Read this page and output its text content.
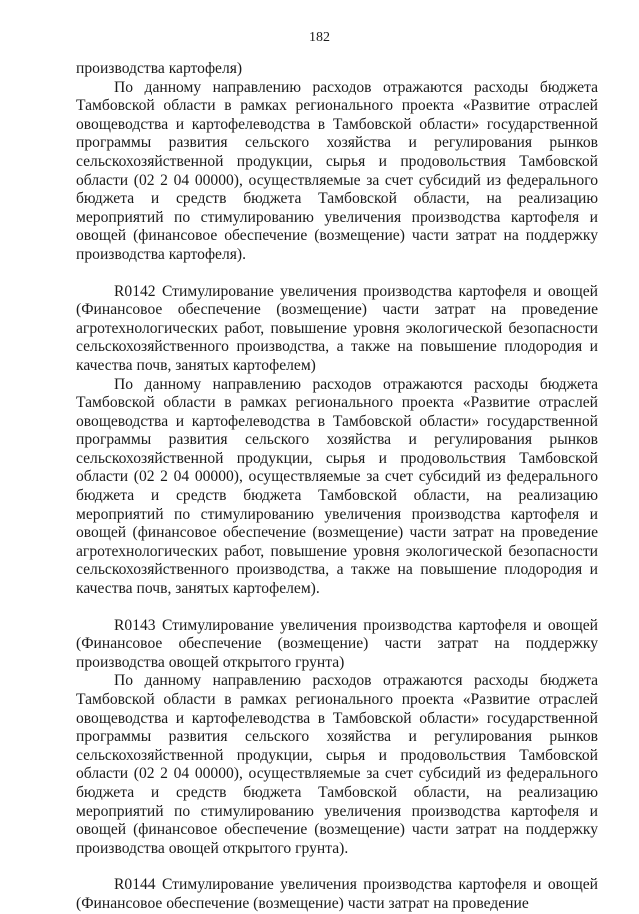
182

производства картофеля)

По данному направлению расходов отражаются расходы бюджета Тамбовской области в рамках регионального проекта «Развитие отраслей овощеводства и картофелеводства в Тамбовской области» государственной программы развития сельского хозяйства и регулирования рынков сельскохозяйственной продукции, сырья и продовольствия Тамбовской области (02 2 04 00000), осуществляемые за счет субсидий из федерального бюджета и средств бюджета Тамбовской области, на реализацию мероприятий по стимулированию увеличения производства картофеля и овощей (финансовое обеспечение (возмещение) части затрат на поддержку производства картофеля).

R0142 Стимулирование увеличения производства картофеля и овощей (Финансовое обеспечение (возмещение) части затрат на проведение агротехнологических работ, повышение уровня экологической безопасности сельскохозяйственного производства, а также на повышение плодородия и качества почв, занятых картофелем)

По данному направлению расходов отражаются расходы бюджета Тамбовской области в рамках регионального проекта «Развитие отраслей овощеводства и картофелеводства в Тамбовской области» государственной программы развития сельского хозяйства и регулирования рынков сельскохозяйственной продукции, сырья и продовольствия Тамбовской области (02 2 04 00000), осуществляемые за счет субсидий из федерального бюджета и средств бюджета Тамбовской области, на реализацию мероприятий по стимулированию увеличения производства картофеля и овощей (финансовое обеспечение (возмещение) части затрат на проведение агротехнологических работ, повышение уровня экологической безопасности сельскохозяйственного производства, а также на повышение плодородия и качества почв, занятых картофелем).

R0143 Стимулирование увеличения производства картофеля и овощей (Финансовое обеспечение (возмещение) части затрат на поддержку производства овощей открытого грунта)

По данному направлению расходов отражаются расходы бюджета Тамбовской области в рамках регионального проекта «Развитие отраслей овощеводства и картофелеводства в Тамбовской области» государственной программы развития сельского хозяйства и регулирования рынков сельскохозяйственной продукции, сырья и продовольствия Тамбовской области (02 2 04 00000), осуществляемые за счет субсидий из федерального бюджета и средств бюджета Тамбовской области, на реализацию мероприятий по стимулированию увеличения производства картофеля и овощей (финансовое обеспечение (возмещение) части затрат на поддержку производства овощей открытого грунта).

R0144 Стимулирование увеличения производства картофеля и овощей (Финансовое обеспечение (возмещение) части затрат на проведение
